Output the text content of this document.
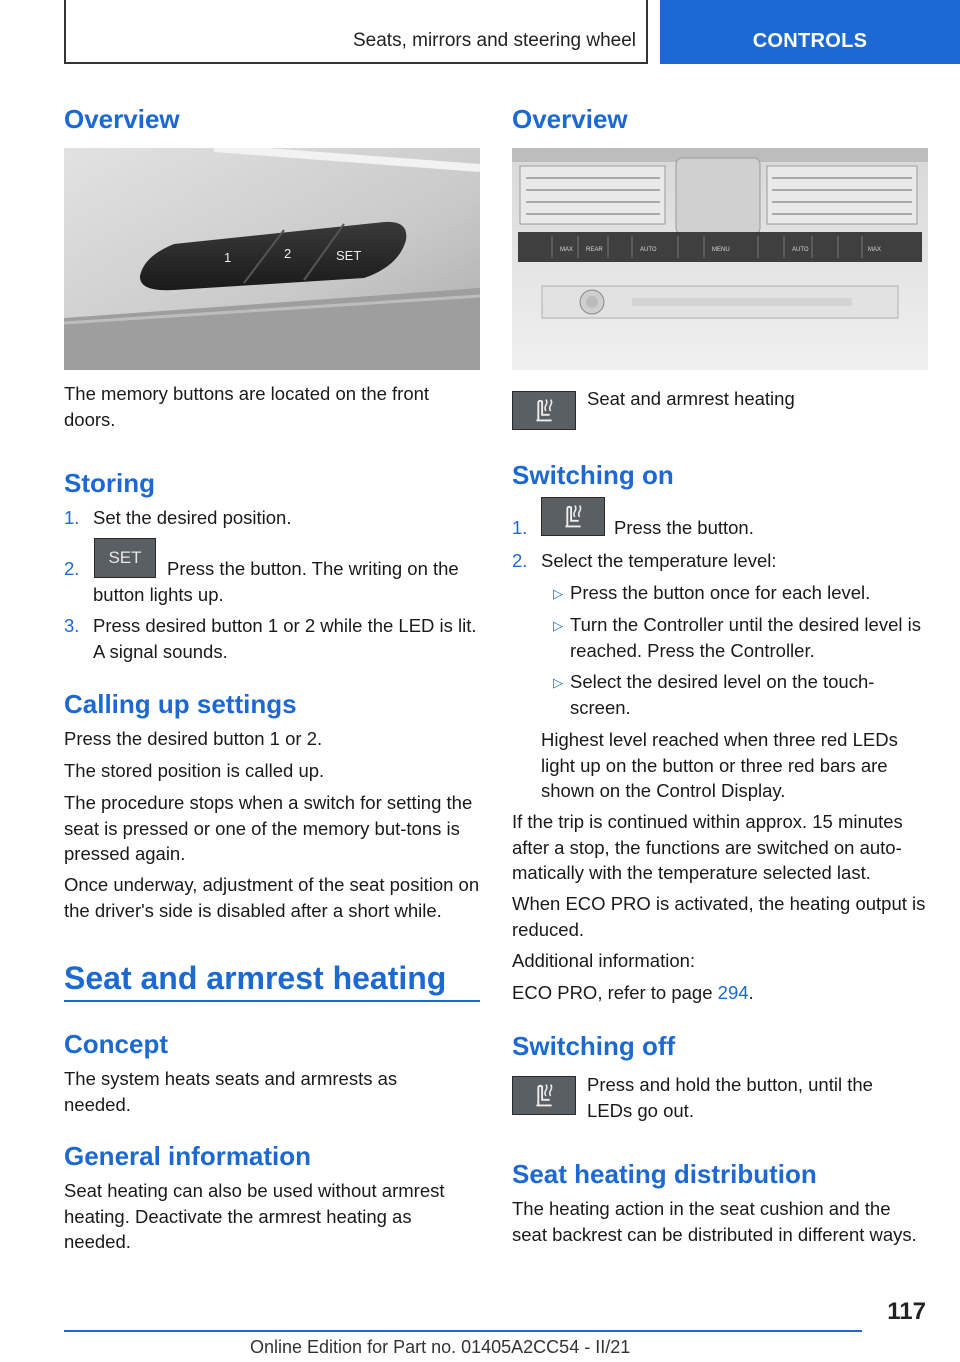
Seats, mirrors and steering wheel	CONTROLS
Overview
1	2	SET

The memory buttons are located on the front doors.

Storing
1. Set the desired position.

2.
SET

Press the button. The writing on the button lights up.

3. Press desired button 1 or 2 while the LED is lit. A signal sounds.

Calling up settings

Press the desired button 1 or 2.

The stored position is called up.

The procedure stops when a switch for setting the seat is pressed or one of the memory but-tons is pressed again.

Once underway, adjustment of the seat position on the driver's side is disabled after a short while.

Seat and armrest heating
Concept

The system heats seats and armrests as needed.

General information

Seat heating can also be used without armrest heating. Deactivate the armrest heating as needed.

Overview
MAX REAR	AUTO	MENU	AUTO	MAX

Seat and armrest heating

Switching on
1.	Press the button.

2. Select the temperature level:

▷ Press the button once for each level.

▷ Turn the Controller until the desired level is reached. Press the Controller.

▷ Select the desired level on the touch-screen.

Highest level reached when three red LEDs light up on the button or three red bars are shown on the Control Display.

If the trip is continued within approx. 15 minutes after a stop, the functions are switched on auto-matically with the temperature selected last.

When ECO PRO is activated, the heating output is reduced.

Additional information:

ECO PRO, refer to page 294.

Switching off

Press and hold the button, until the LEDs go out.

Seat heating distribution

The heating action in the seat cushion and the seat backrest can be distributed in different ways.

117
Online Edition for Part no. 01405A2CC54 - II/21
